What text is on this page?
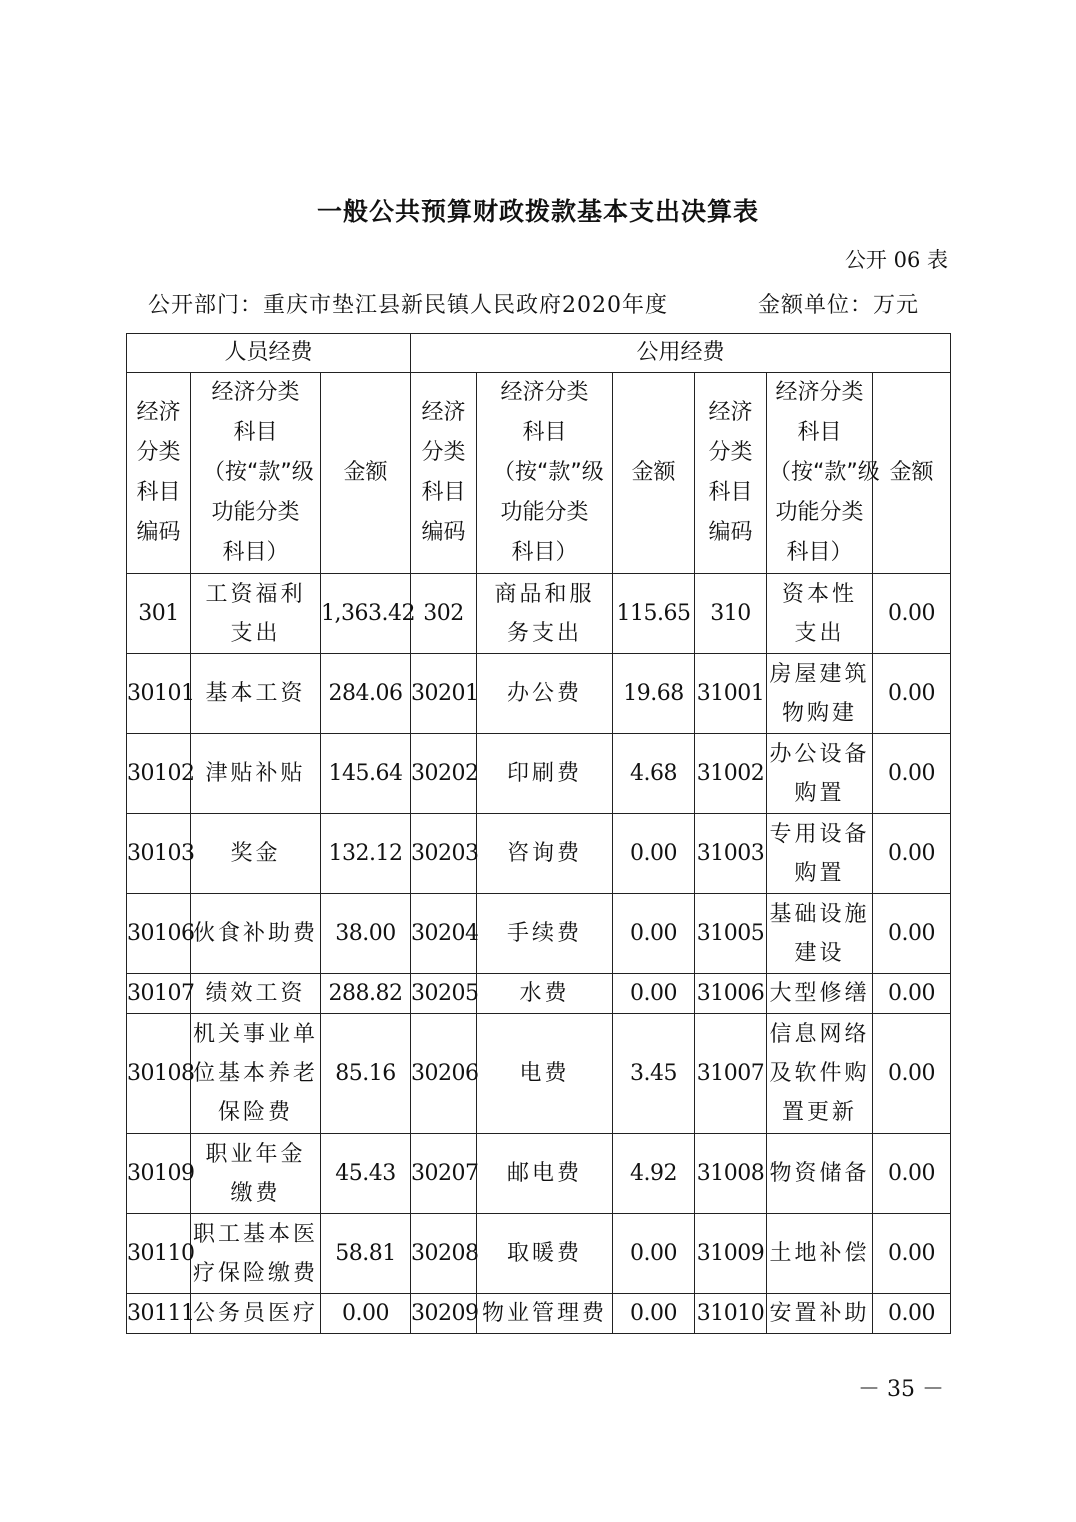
一般公共预算财政拨款基本支出决算表
公开 06 表
公开部门：重庆市垫江县新民镇人民政府2020年度	金额单位：万元
人员经费			公用经费					
经济分类科目编码	经济分类科目（按“款”级功能分类科目）	金额	经济分类科目编码	经济分类科目（按“款”级功能分类科目）	金额	经济分类科目编码	经济分类科目（按“款”级功能分类科目）	金额
301	工资福利支出	1,363.42	302	商品和服务支出	115.65	310	资本性支出	0.00
30101	基本工资	284.06	30201	办公费	19.68	31001	房屋建筑物购建	0.00
30102	津贴补贴	145.64	30202	印刷费	4.68	31002	办公设备购置	0.00
30103	奖金	132.12	30203	咨询费	0.00	31003	专用设备购置	0.00
30106	伙食补助费	38.00	30204	手续费	0.00	31005	基础设施建设	0.00
30107	绩效工资	288.82	30205	水费	0.00	31006	大型修缮	0.00
30108	机关事业单位基本养老保险费	85.16	30206	电费	3.45	31007	信息网络及软件购置更新	0.00
30109	职业年金缴费	45.43	30207	邮电费	4.92	31008	物资储备	0.00
30110	职工基本医疗保险缴费	58.81	30208	取暖费	0.00	31009	土地补偿	0.00
30111	公务员医疗	0.00	30209	物业管理费	0.00	31010	安置补助	0.00
－ 35 －
